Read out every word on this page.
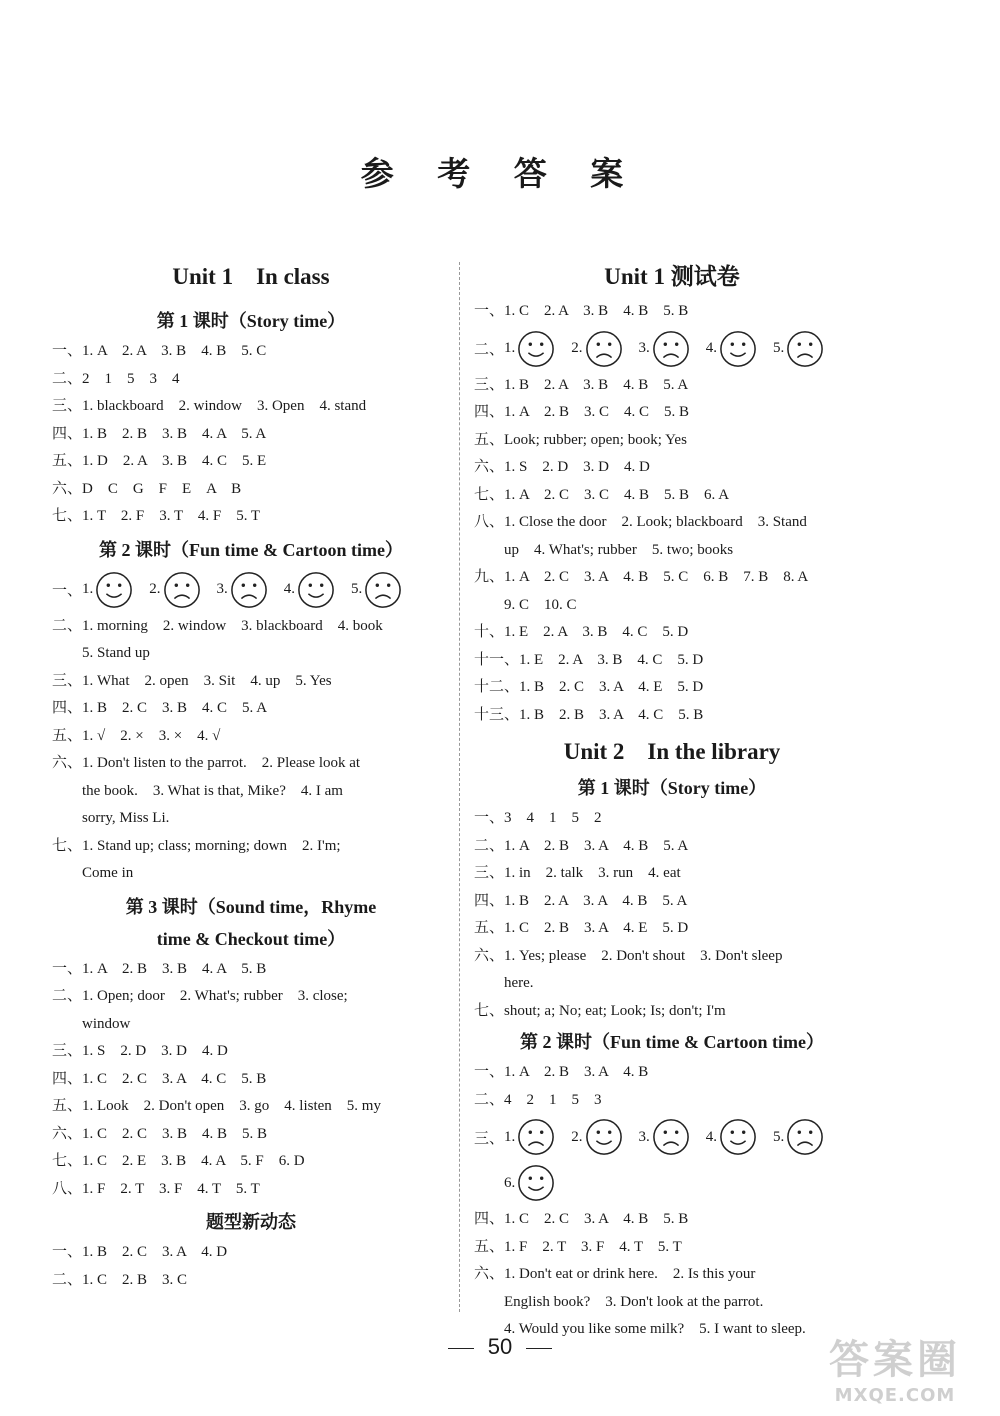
参 考 答 案
Unit 1　In class
第 1 课时（Story time）
一、1. A　2. A　3. B　4. B　5. C
二、2　1　5　3　4
三、1. blackboard　2. window　3. Open　4. stand
四、1. B　2. B　3. B　4. A　5. A
五、1. D　2. A　3. B　4. C　5. E
六、D　C　G　F　E　A　B
七、1. T　2. F　3. T　4. F　5. T
第 2 课时（Fun time & Cartoon time）
一、 1.	2.	3.	4.	5.
二、1. morning　2. window　3. blackboard　4. book
5. Stand up
三、1. What　2. open　3. Sit　4. up　5. Yes
四、1. B　2. C　3. B　4. C　5. A
五、1. √　2. ×　3. ×　4. √
六、1. Don't listen to the parrot.　2. Please look at
the book.　3. What is that, Mike?　4. I am
sorry, Miss Li.
七、1. Stand up; class; morning; down　2. I'm;
Come in
第 3 课时（Sound time，Rhyme
time & Checkout time）
一、1. A　2. B　3. B　4. A　5. B
二、1. Open; door　2. What's; rubber　3. close;
window
三、1. S　2. D　3. D　4. D
四、1. C　2. C　3. A　4. C　5. B
五、1. Look　2. Don't open　3. go　4. listen　5. my
六、1. C　2. C　3. B　4. B　5. B
七、1. C　2. E　3. B　4. A　5. F　6. D
八、1. F　2. T　3. F　4. T　5. T
题型新动态
一、1. B　2. C　3. A　4. D
二、1. C　2. B　3. C
Unit 1 测试卷
一、1. C　2. A　3. B　4. B　5. B
二、 1.	2.	3.	4.	5.
三、1. B　2. A　3. B　4. B　5. A
四、1. A　2. B　3. C　4. C　5. B
五、Look; rubber; open; book; Yes
六、1. S　2. D　3. D　4. D
七、1. A　2. C　3. C　4. B　5. B　6. A
八、1. Close the door　2. Look; blackboard　3. Stand
up　4. What's; rubber　5. two; books
九、1. A　2. C　3. A　4. B　5. C　6. B　7. B　8. A
9. C　10. C
十、1. E　2. A　3. B　4. C　5. D
十一、1. E　2. A　3. B　4. C　5. D
十二、1. B　2. C　3. A　4. E　5. D
十三、1. B　2. B　3. A　4. C　5. B
Unit 2　In the library
第 1 课时（Story time）
一、3　4　1　5　2
二、1. A　2. B　3. A　4. B　5. A
三、1. in　2. talk　3. run　4. eat
四、1. B　2. A　3. A　4. B　5. A
五、1. C　2. B　3. A　4. E　5. D
六、1. Yes; please　2. Don't shout　3. Don't sleep
here.
七、shout; a; No; eat; Look; Is; don't; I'm
第 2 课时（Fun time & Cartoon time）
一、1. A　2. B　3. A　4. B
二、4　2　1　5　3
三、 1.	2.	3.	4.	5.
6.
四、1. C　2. C　3. A　4. B　5. B
五、1. F　2. T　3. F　4. T　5. T
六、1. Don't eat or drink here.　2. Is this your
English book?　3. Don't look at the parrot.
4. Would you like some milk?　5. I want to sleep.
50	答案圈
MXQE.COM
